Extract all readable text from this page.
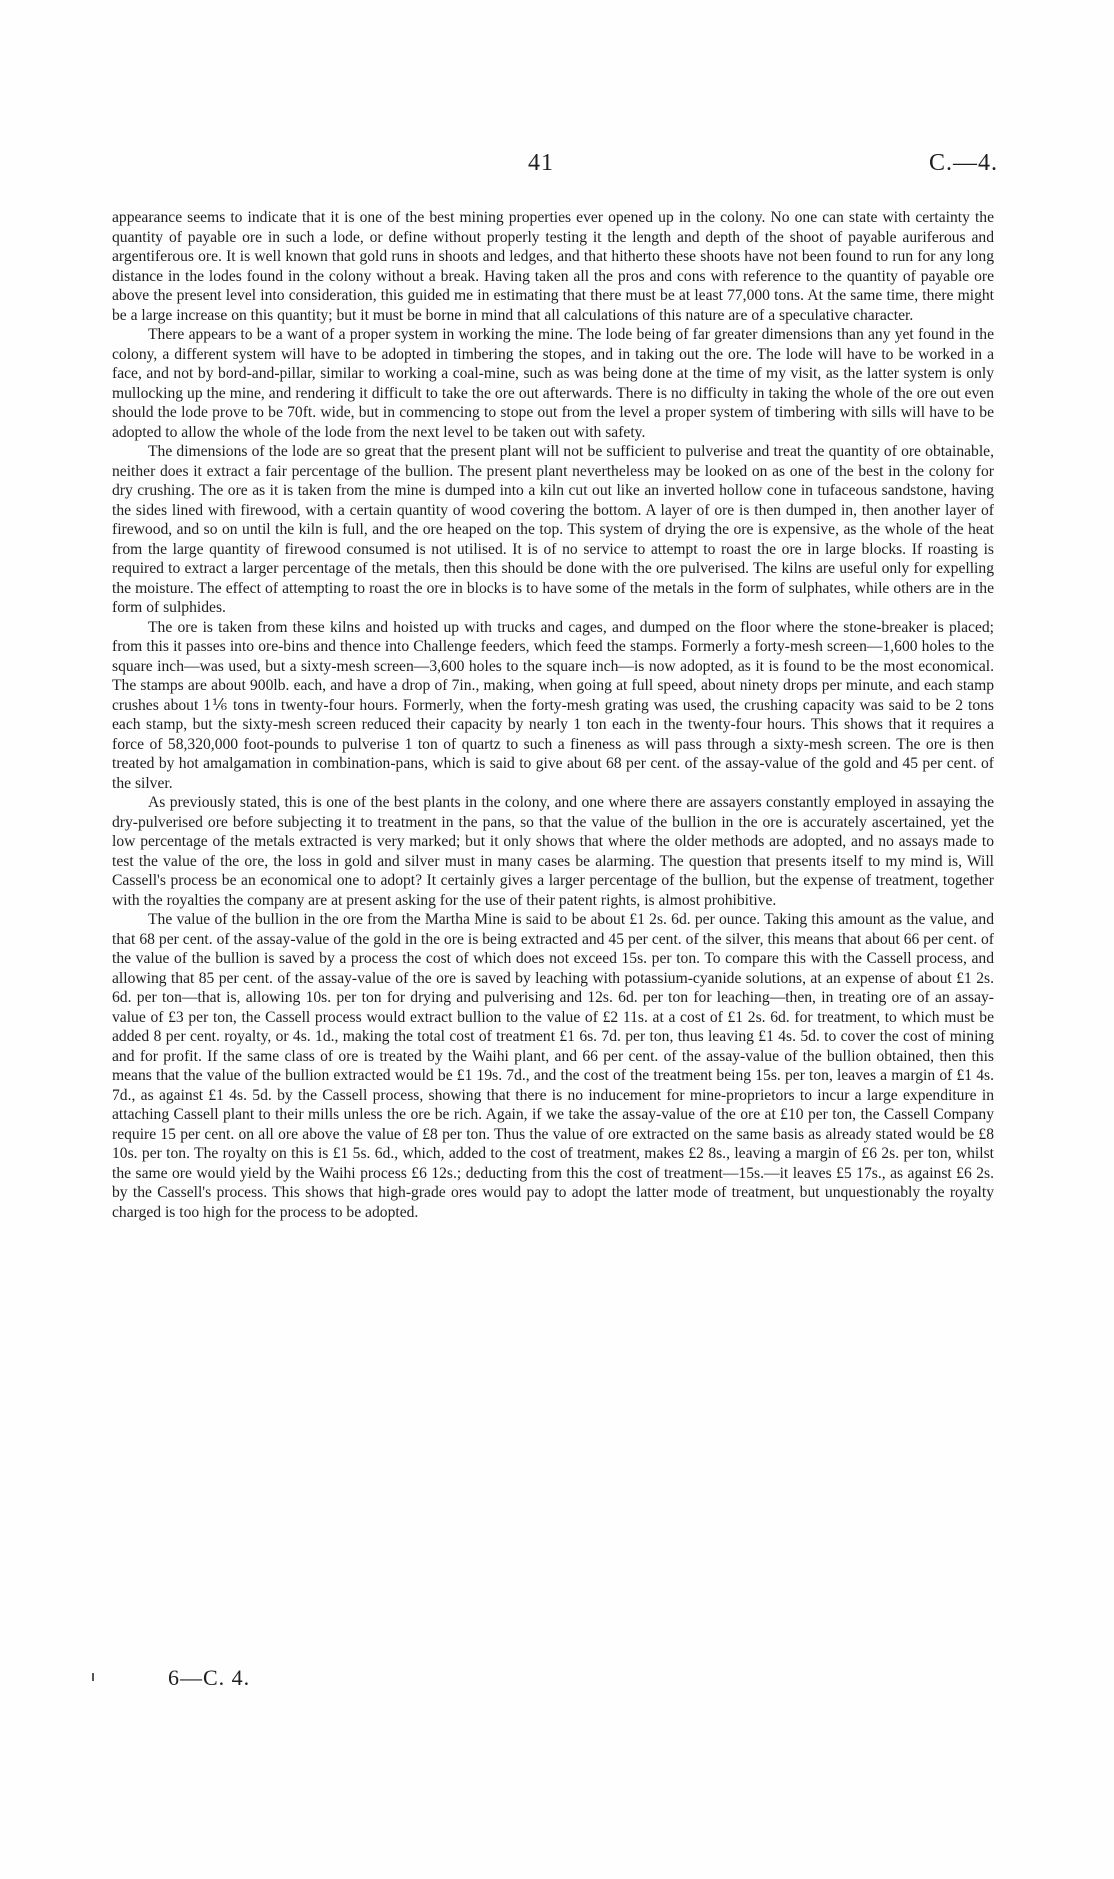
41	C.—4.

appearance seems to indicate that it is one of the best mining properties ever opened up in the colony. No one can state with certainty the quantity of payable ore in such a lode, or define without properly testing it the length and depth of the shoot of payable auriferous and argentiferous ore. It is well known that gold runs in shoots and ledges, and that hitherto these shoots have not been found to run for any long distance in the lodes found in the colony without a break. Having taken all the pros and cons with reference to the quantity of payable ore above the present level into consideration, this guided me in estimating that there must be at least 77,000 tons. At the same time, there might be a large increase on this quantity; but it must be borne in mind that all calculations of this nature are of a speculative character.

There appears to be a want of a proper system in working the mine. The lode being of far greater dimensions than any yet found in the colony, a different system will have to be adopted in timbering the stopes, and in taking out the ore. The lode will have to be worked in a face, and not by bord-and-pillar, similar to working a coal-mine, such as was being done at the time of my visit, as the latter system is only mullocking up the mine, and rendering it difficult to take the ore out afterwards. There is no difficulty in taking the whole of the ore out even should the lode prove to be 70ft. wide, but in commencing to stope out from the level a proper system of timbering with sills will have to be adopted to allow the whole of the lode from the next level to be taken out with safety.

The dimensions of the lode are so great that the present plant will not be sufficient to pulverise and treat the quantity of ore obtainable, neither does it extract a fair percentage of the bullion. The present plant nevertheless may be looked on as one of the best in the colony for dry crushing. The ore as it is taken from the mine is dumped into a kiln cut out like an inverted hollow cone in tufaceous sandstone, having the sides lined with firewood, with a certain quantity of wood covering the bottom. A layer of ore is then dumped in, then another layer of firewood, and so on until the kiln is full, and the ore heaped on the top. This system of drying the ore is expensive, as the whole of the heat from the large quantity of firewood consumed is not utilised. It is of no service to attempt to roast the ore in large blocks. If roasting is required to extract a larger percentage of the metals, then this should be done with the ore pulverised. The kilns are useful only for expelling the moisture. The effect of attempting to roast the ore in blocks is to have some of the metals in the form of sulphates, while others are in the form of sulphides.

The ore is taken from these kilns and hoisted up with trucks and cages, and dumped on the floor where the stone-breaker is placed; from this it passes into ore-bins and thence into Challenge feeders, which feed the stamps. Formerly a forty-mesh screen—1,600 holes to the square inch—was used, but a sixty-mesh screen—3,600 holes to the square inch—is now adopted, as it is found to be the most economical. The stamps are about 900lb. each, and have a drop of 7in., making, when going at full speed, about ninety drops per minute, and each stamp crushes about 1⅙ tons in twenty-four hours. Formerly, when the forty-mesh grating was used, the crushing capacity was said to be 2 tons each stamp, but the sixty-mesh screen reduced their capacity by nearly 1 ton each in the twenty-four hours. This shows that it requires a force of 58,320,000 foot-pounds to pulverise 1 ton of quartz to such a fineness as will pass through a sixty-mesh screen. The ore is then treated by hot amalgamation in combination-pans, which is said to give about 68 per cent. of the assay-value of the gold and 45 per cent. of the silver.

As previously stated, this is one of the best plants in the colony, and one where there are assayers constantly employed in assaying the dry-pulverised ore before subjecting it to treatment in the pans, so that the value of the bullion in the ore is accurately ascertained, yet the low percentage of the metals extracted is very marked; but it only shows that where the older methods are adopted, and no assays made to test the value of the ore, the loss in gold and silver must in many cases be alarming. The question that presents itself to my mind is, Will Cassell's process be an economical one to adopt? It certainly gives a larger percentage of the bullion, but the expense of treatment, together with the royalties the company are at present asking for the use of their patent rights, is almost prohibitive.

The value of the bullion in the ore from the Martha Mine is said to be about £1 2s. 6d. per ounce. Taking this amount as the value, and that 68 per cent. of the assay-value of the gold in the ore is being extracted and 45 per cent. of the silver, this means that about 66 per cent. of the value of the bullion is saved by a process the cost of which does not exceed 15s. per ton. To compare this with the Cassell process, and allowing that 85 per cent. of the assay-value of the ore is saved by leaching with potassium-cyanide solutions, at an expense of about £1 2s. 6d. per ton—that is, allowing 10s. per ton for drying and pulverising and 12s. 6d. per ton for leaching—then, in treating ore of an assay-value of £3 per ton, the Cassell process would extract bullion to the value of £2 11s. at a cost of £1 2s. 6d. for treatment, to which must be added 8 per cent. royalty, or 4s. 1d., making the total cost of treatment £1 6s. 7d. per ton, thus leaving £1 4s. 5d. to cover the cost of mining and for profit. If the same class of ore is treated by the Waihi plant, and 66 per cent. of the assay-value of the bullion obtained, then this means that the value of the bullion extracted would be £1 19s. 7d., and the cost of the treatment being 15s. per ton, leaves a margin of £1 4s. 7d., as against £1 4s. 5d. by the Cassell process, showing that there is no inducement for mine-proprietors to incur a large expenditure in attaching Cassell plant to their mills unless the ore be rich. Again, if we take the assay-value of the ore at £10 per ton, the Cassell Company require 15 per cent. on all ore above the value of £8 per ton. Thus the value of ore extracted on the same basis as already stated would be £8 10s. per ton. The royalty on this is £1 5s. 6d., which, added to the cost of treatment, makes £2 8s., leaving a margin of £6 2s. per ton, whilst the same ore would yield by the Waihi process £6 12s.; deducting from this the cost of treatment—15s.—it leaves £5 17s., as against £6 2s. by the Cassell's process. This shows that high-grade ores would pay to adopt the latter mode of treatment, but unquestionably the royalty charged is too high for the process to be adopted.

6—C. 4.
